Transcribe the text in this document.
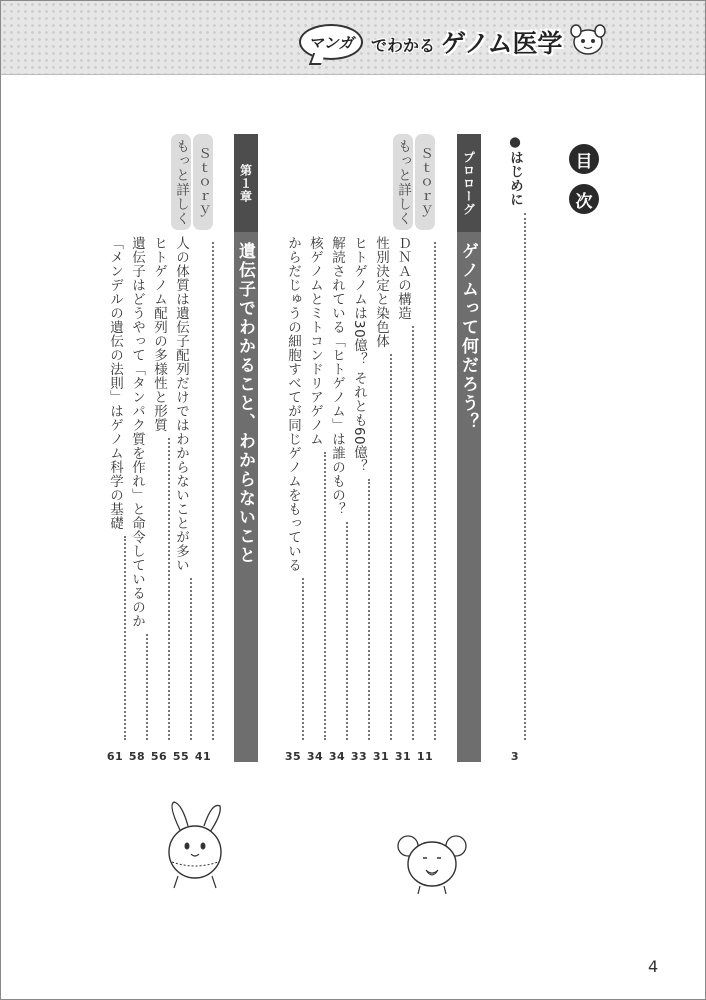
マンガ	でわかる ゲノム医学
目
次
●はじめに
3
プロローグ
ゲノムって何だろう？
Ｓｔｏｒｙ
11
もっと詳しく
ＤＮＡの構造
31
性別決定と染色体
31
ヒトゲノムは30億？ それとも60億？
33
解読されている「ヒトゲノム」は誰のもの？
34
核ゲノムとミトコンドリアゲノム
34
からだじゅうの細胞すべてが同じゲノムをもっている
35
第１章
遺伝子でわかること、わからないこと
Ｓｔｏｒｙ
41
もっと詳しく
人の体質は遺伝子配列だけではわからないことが多い
55
ヒトゲノム配列の多様性と形質
56
遺伝子はどうやって「タンパク質を作れ」と命令しているのか
58
「メンデルの遺伝の法則」はゲノム科学の基礎
61
4
